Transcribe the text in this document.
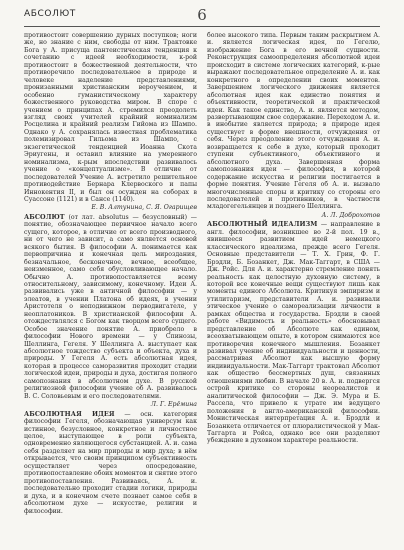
АБСОЛЮТ	6

противостоит совершению дурных поступков; ноги же, но знание с ним, свободы от ним. Трактовке Бога у А. присуща пантеистическая тенденция к сочетанию с идеей необходимости, к-рой противостоит в божественной деятельности, что противоречило последовательное в природе и человеке наделение представлениями, пронизанными христианским вероучением, и особенно гуманистическому характеру божественного руководства миром. В споре с учением о принципах А. стремился преодолеть взгляд своих учителей крайний номинализм Росцелина и крайний реализм Гийома из Шампо. Однако у А. сохранялась известная проблематика полемизировал Гильома из Шампо, с экзегетической тенденцией Иоанна Скота Эриугены, и оставил влияние на умеренного номинализма, к-рым впоследствии развивалось учение о «концептуализме». В отличие от последователей Учение А. встретило решительное противодействие Бернара Клервоского и папы Иннокентия II, и был он осужден на соборах в Суассоне (1121) и в Сансе (1140).

Е. В. Алтунина, С. Я. Огарищев

АБСОЛЮТ (от лат. absolutus — безусловный) — понятие, обозначающее первичное начало всего сущего, которое, в отличие от всего производного, ни от чего не зависит, а само является основой всякого бытия. В философии А. понимается как первопричина и конечная цель мироздания, безначальное, бесконечное, вечное, всеобщее, неизменное, само себя обусловливающее начало. Обычно А. противопоставляется всему относительному, зависимому, конечному. Идеи А. развивались уже в античной философии — у элеатов, в учении Платона об идеях, в учении Аристотеля о неподвижном перводвигателе, у неоплатоников. В христианской философии А. отождествлялся с Богом как творцом всего сущего. Особое значение понятие А. приобрело в философии Нового времени — у Спинозы, Шеллинга, Гегеля. У Шеллинга А. выступает как абсолютное тождество субъекта и объекта, духа и природы. У Гегеля А. есть абсолютная идея, которая в процессе саморазвития проходит стадии логической идеи, природы и духа, достигая полного самопознания в абсолютном духе. В русской религиозной философии учение об А. развивалось В. С. Соловьевым и его последователями.

Л. Г. Ерёмина

АБСОЛЮТНАЯ ИДЕЯ — осн. категория философии Гегеля, обозначающая универсум как истинное, безусловное, конкретное и личностное целое, выступающее в роли субъекта, одновременно являющегося субстанцией. А. и. сама себя разделяет на мир природы и мир духа; в нём открывается, что своим принципом субъективность осуществляет через опосредование, противопоставление обоих моментов и снятие этого противопоставления. Развиваясь, А. и. последовательно проходит стадии логики, природы и духа, и в конечном счете познает самое себя в абсолютном духе — искусстве, религии и философии.

более высокого типа. Первым таким раскрытием А. и. является логическая идея, по Гегелю, изображение Бога в его вечной сущности. Реконструкция самоопределения абсолютной идеи происходит в системе логических категорий, к-рые выражают последовательное определение А. и. как конкретного в определении своих моментов. Завершением логического движения является абсолютная идея как единство понятия и объективности, теоретической и практической идеи. Как такое единство, А. и. является методом, развертывающим свое содержание. Переходом А. и. в инобытие является природа; в природе идея существует в форме внешности, отчуждения от себя. Через преодоление этого отчуждения А. и. возвращается к себе в духе, который проходит ступени субъективного, объективного и абсолютного духа. Завершенная форма самопознания идеи — философия, в которой содержание искусства и религии постигается в форме понятия. Учение Гегеля об А. и. вызвало многочисленные споры и критику со стороны его последователей и противников, в частности младогегельянцев и позднего Шеллинга.

А. Л. Доброхотов

АБСОЛЮТНЫЙ ИДЕАЛИЗМ — направление в англ. философии, возникшее во 2-й пол. 19 в., явившееся развитием идей немецкого классического идеализма, прежде всего Гегеля. Основные представители — Т. Х. Грин, Ф. Г. Брэдли, Б. Бозанкет, Дж. Мак-Таггарт, в США — Дж. Ройс. Для А. и. характерно стремление понять реальность как целостную духовную систему, в которой все конечные вещи существуют лишь как моменты единого Абсолюта. Критикуя эмпиризм и утилитаризм, представители А. и. развивали этическое учение о самореализации личности в рамках общества и государства. Брэдли в своей работе «Видимость и реальность» обосновывал представление об Абсолюте как едином, всеохватывающем опыте, в котором снимаются все противоречия конечного мышления. Бозанкет развивал учение об индивидуальности и ценности, рассматривая Абсолют как высшую форму индивидуальности. Мак-Таггарт трактовал Абсолют как общество бессмертных душ, связанных отношениями любви. В начале 20 в. А. и. подвергся острой критике со стороны неореалистов и аналитической философии — Дж. Э. Мура и Б. Рассела, что привело к утрате им ведущего положения в англо-американской философии. Монистическая интерпретация А. и. Брэдли и Бозанкета отличается от плюралистической у Мак-Таггарта и Ройса, однако все они разделяют убеждение в духовном характере реальности.
